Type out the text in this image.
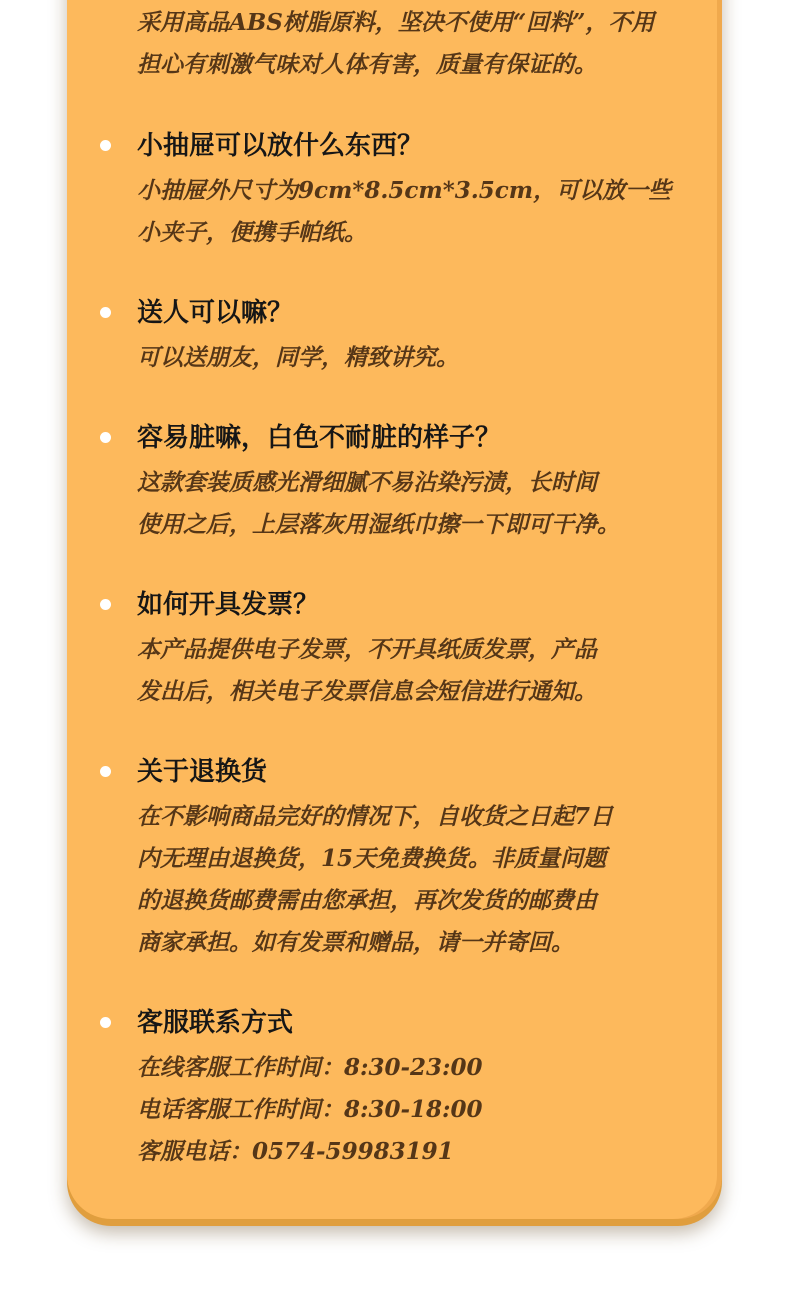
采用高品ABS树脂原料，坚决不使用“回料”，不用
担心有刺激气味对人体有害，质量有保证的。
小抽屉可以放什么东西？
小抽屉外尺寸为9cm*8.5cm*3.5cm，可以放一些
小夹子，便携手帕纸。
送人可以嘛？
可以送朋友，同学，精致讲究。
容易脏嘛，白色不耐脏的样子？
这款套装质感光滑细腻不易沾染污渍，长时间
使用之后，上层落灰用湿纸巾擦一下即可干净。
如何开具发票？
本产品提供电子发票，不开具纸质发票，产品
发出后，相关电子发票信息会短信进行通知。
关于退换货
在不影响商品完好的情况下，自收货之日起7日
内无理由退换货，15天免费换货。非质量问题
的退换货邮费需由您承担，再次发货的邮费由
商家承担。如有发票和赠品，请一并寄回。
客服联系方式
在线客服工作时间：8:30-23:00
电话客服工作时间：8:30-18:00
客服电话：0574-59983191
